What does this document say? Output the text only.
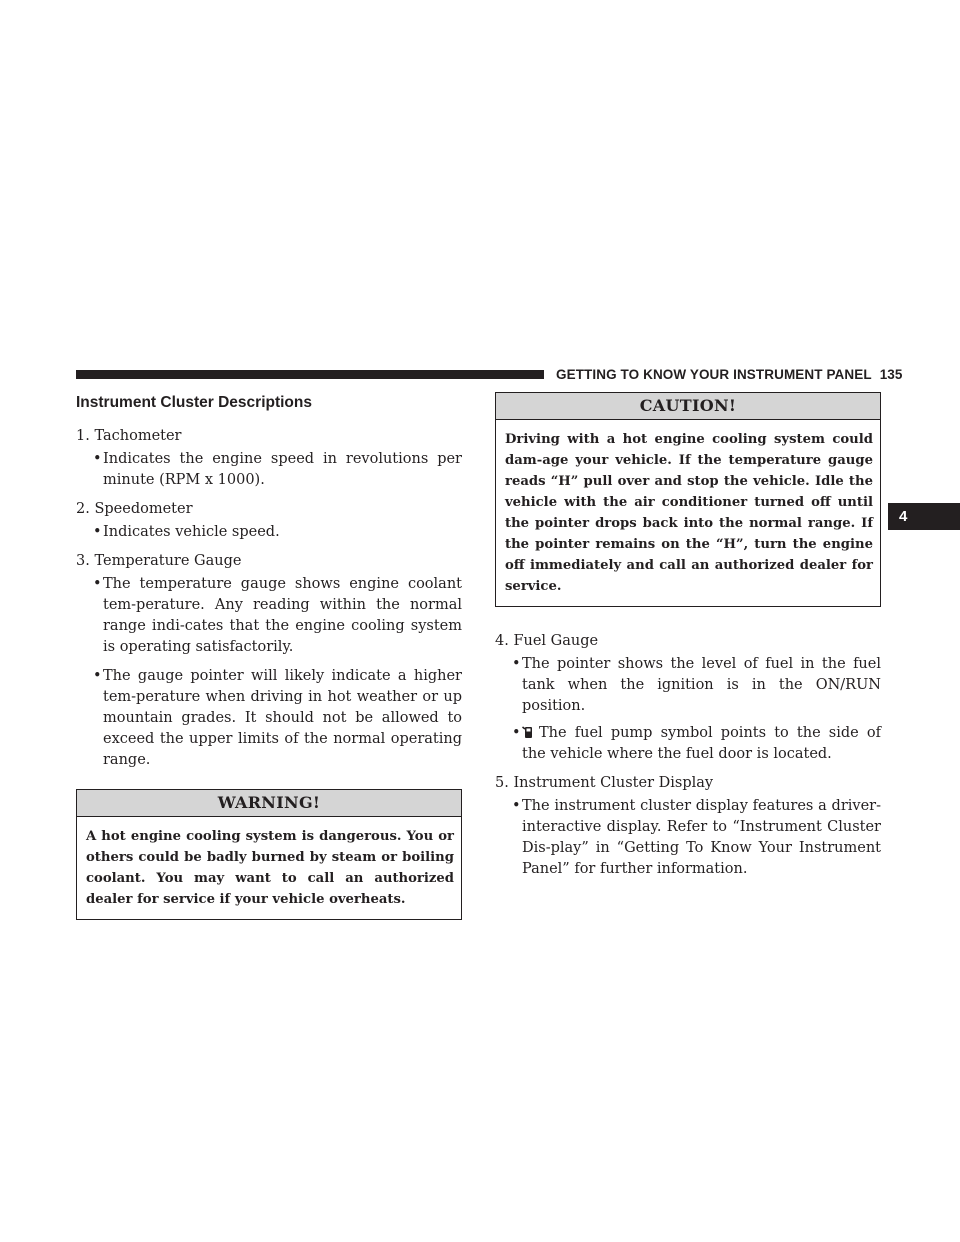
GETTING TO KNOW YOUR INSTRUMENT PANEL 135
4
Instrument Cluster Descriptions

1. Tachometer

• Indicates the engine speed in revolutions per minute (RPM x 1000).

2. Speedometer

• Indicates vehicle speed.

3. Temperature Gauge

• The temperature gauge shows engine coolant tem-perature. Any reading within the normal range indi-cates that the engine cooling system is operating satisfactorily.

• The gauge pointer will likely indicate a higher tem-perature when driving in hot weather or up mountain grades. It should not be allowed to exceed the upper limits of the normal operating range.

WARNING!
A hot engine cooling system is dangerous. You or others could be badly burned by steam or boiling coolant. You may want to call an authorized dealer for service if your vehicle overheats.
CAUTION!
Driving with a hot engine cooling system could dam-age your vehicle. If the temperature gauge reads “H” pull over and stop the vehicle. Idle the vehicle with the air conditioner turned off until the pointer drops back into the normal range. If the pointer remains on the “H”, turn the engine off immediately and call an authorized dealer for service.

4. Fuel Gauge

• The pointer shows the level of fuel in the fuel tank when the ignition is in the ON/RUN position.

• The fuel pump symbol points to the side of the vehicle where the fuel door is located.

5. Instrument Cluster Display

• The instrument cluster display features a driver-interactive display. Refer to “Instrument Cluster Dis-play” in “Getting To Know Your Instrument Panel” for further information.
